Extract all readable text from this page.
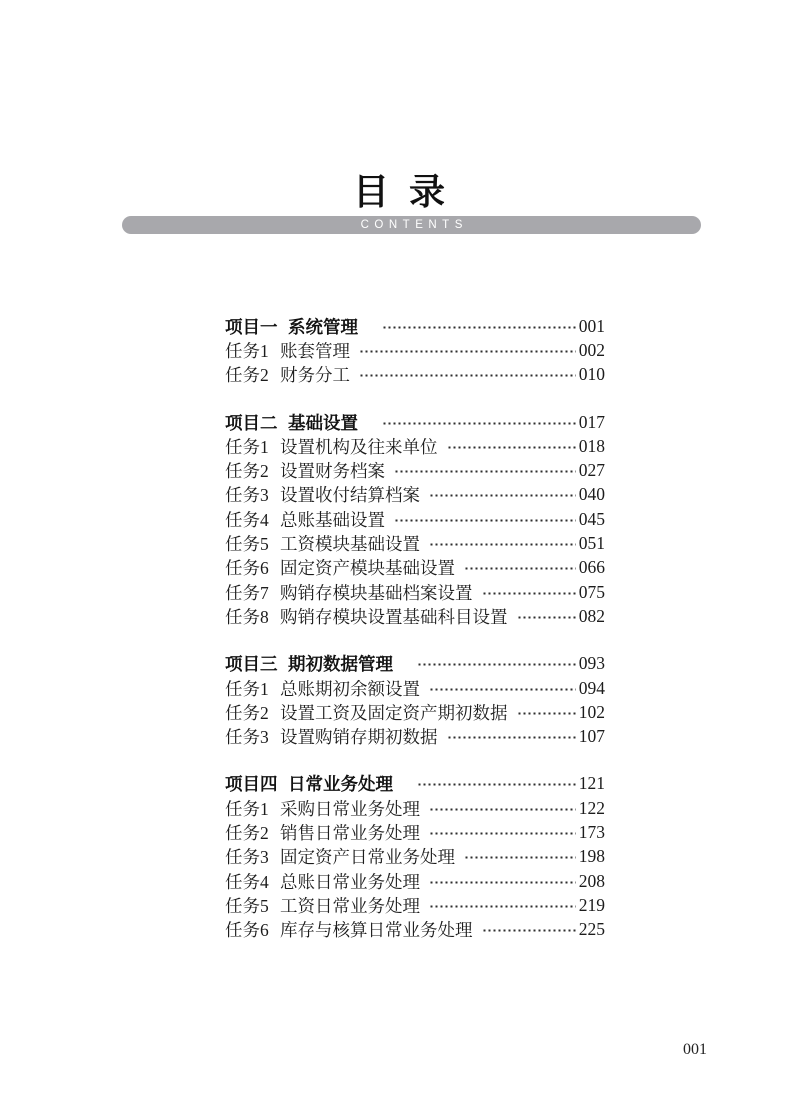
目 录
CONTENTS
项目一 系统管理	001
任务1 账套管理	002
任务2 财务分工	010
项目二 基础设置	017
任务1 设置机构及往来单位	018
任务2 设置财务档案	027
任务3 设置收付结算档案	040
任务4 总账基础设置	045
任务5 工资模块基础设置	051
任务6 固定资产模块基础设置	066
任务7 购销存模块基础档案设置	075
任务8 购销存模块设置基础科目设置	082
项目三 期初数据管理	093
任务1 总账期初余额设置	094
任务2 设置工资及固定资产期初数据	102
任务3 设置购销存期初数据	107
项目四 日常业务处理	121
任务1 采购日常业务处理	122
任务2 销售日常业务处理	173
任务3 固定资产日常业务处理	198
任务4 总账日常业务处理	208
任务5 工资日常业务处理	219
任务6 库存与核算日常业务处理	225
001
